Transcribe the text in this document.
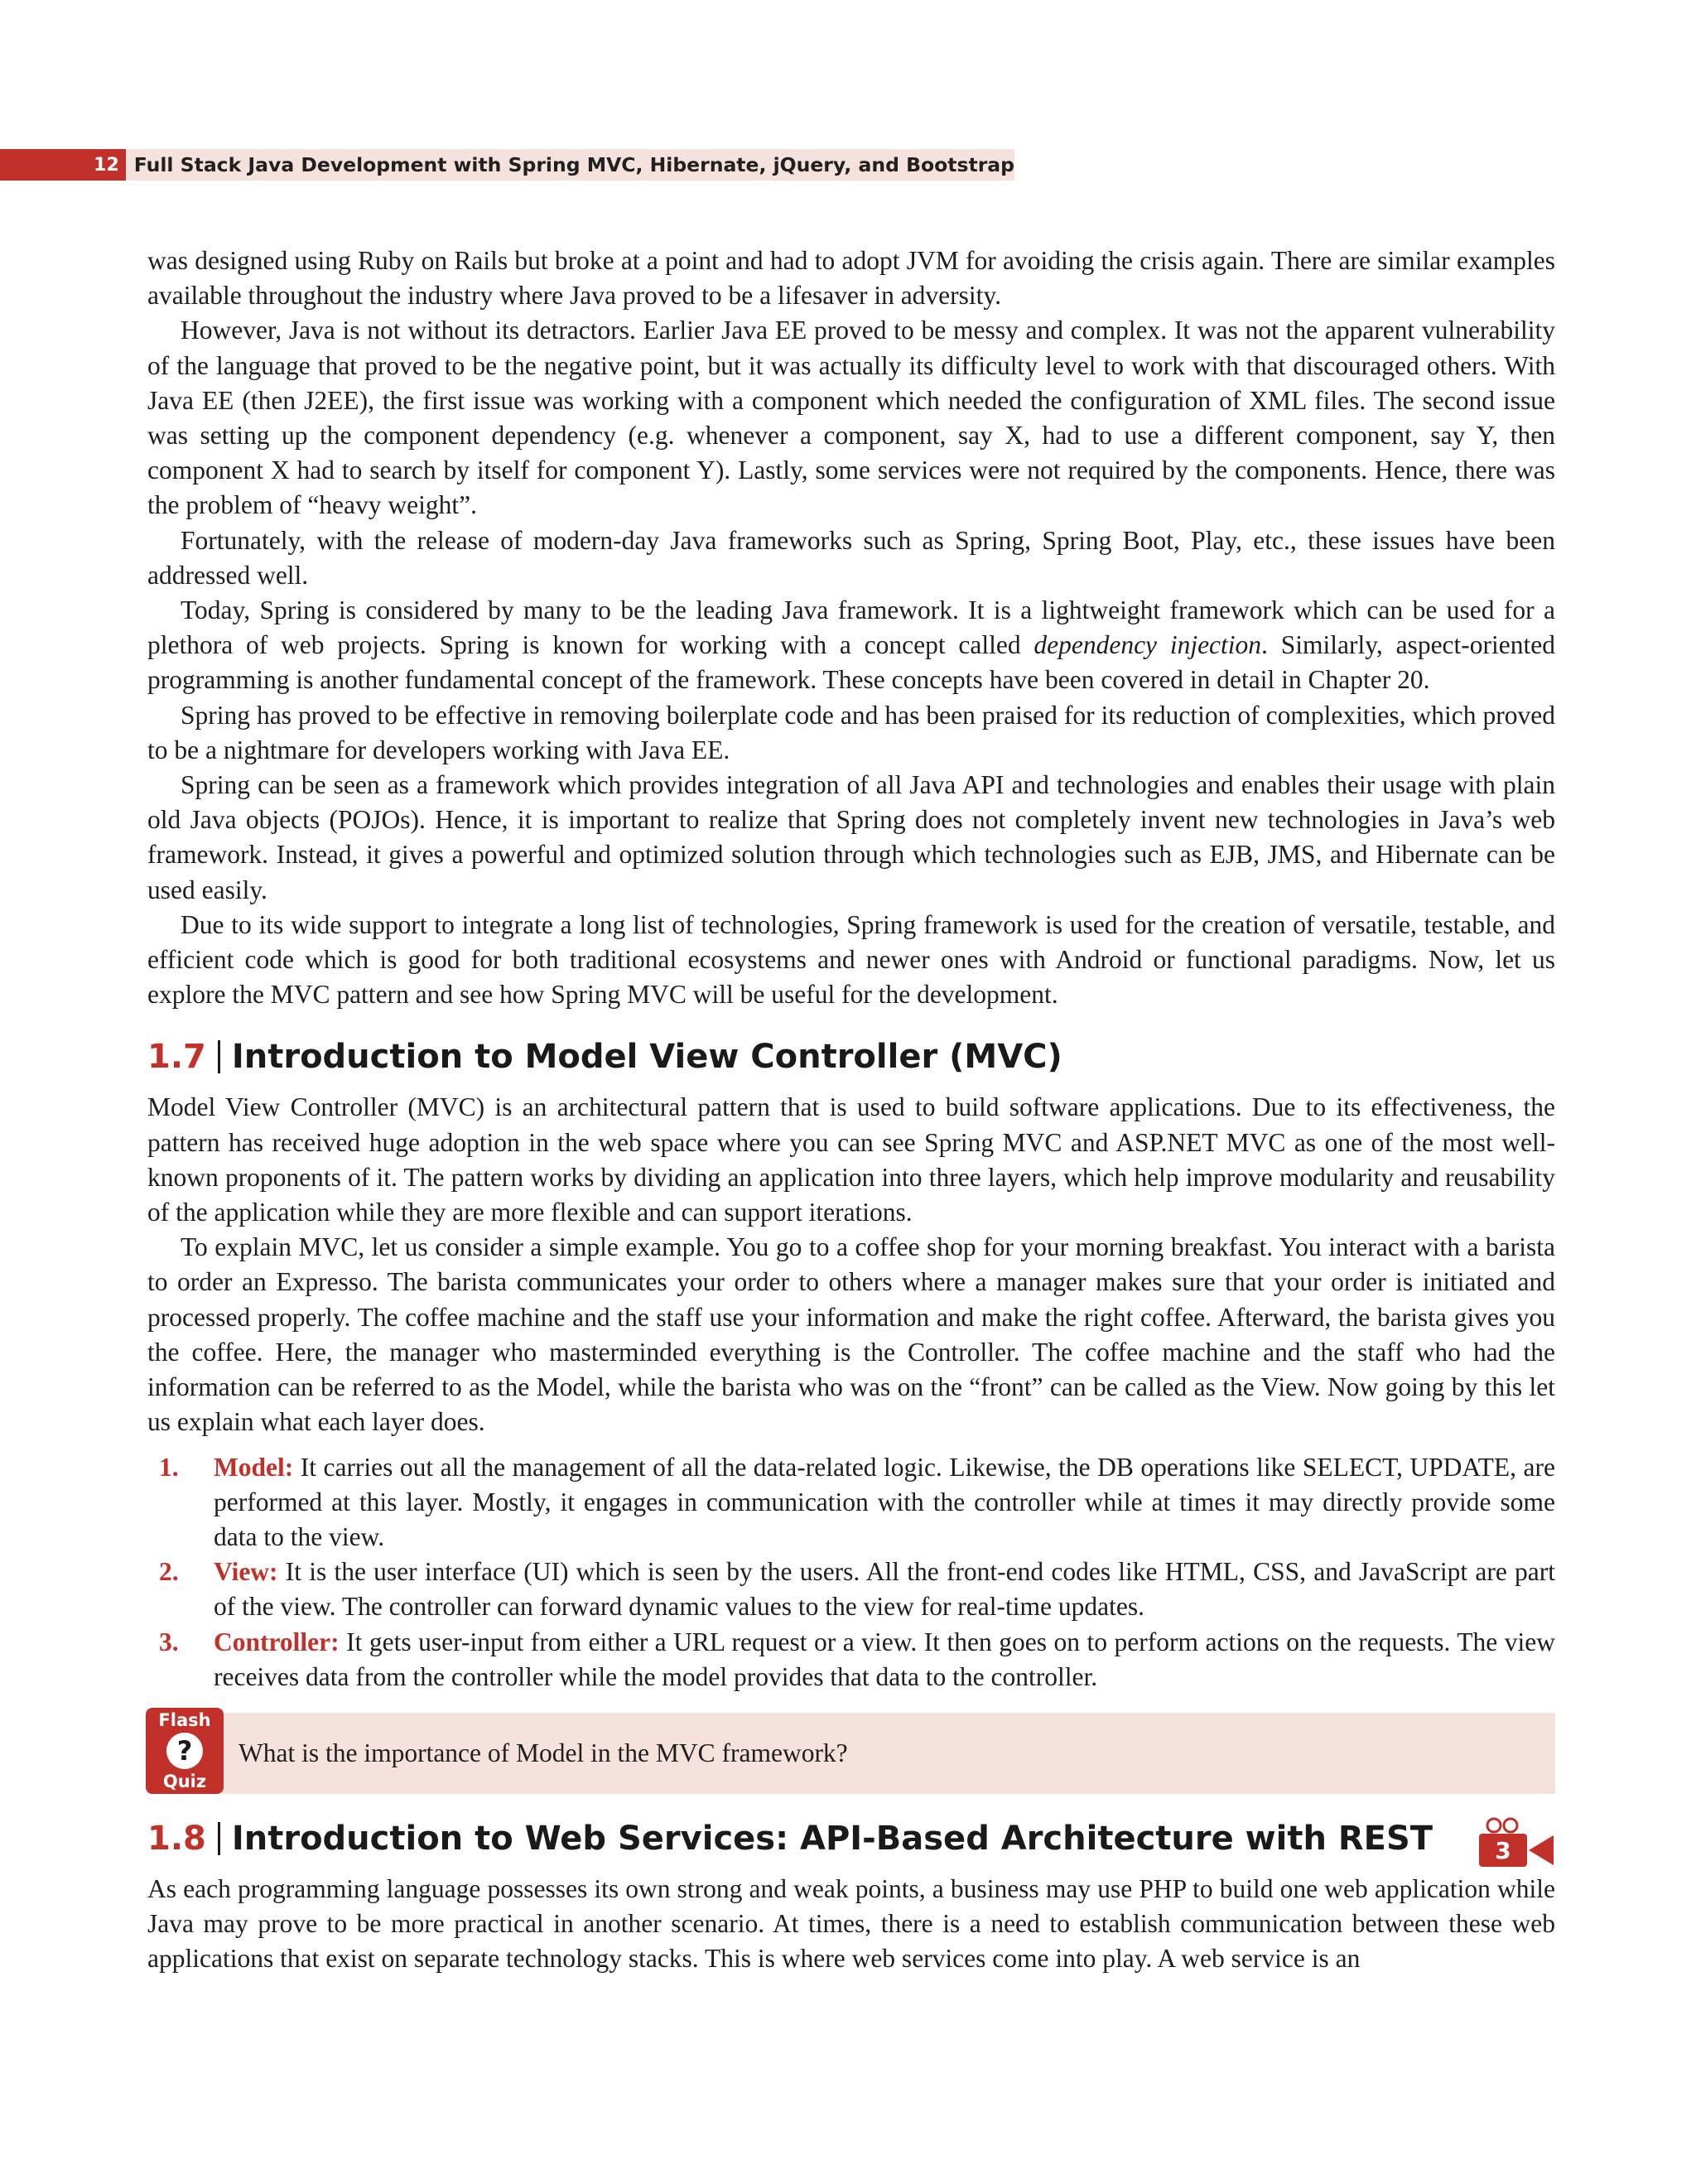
12 Full Stack Java Development with Spring MVC, Hibernate, jQuery, and Bootstrap

was designed using Ruby on Rails but broke at a point and had to adopt JVM for avoiding the crisis again. There are similar examples available throughout the industry where Java proved to be a lifesaver in adversity.

However, Java is not without its detractors. Earlier Java EE proved to be messy and complex. It was not the apparent vulnerability of the language that proved to be the negative point, but it was actually its difficulty level to work with that discouraged others. With Java EE (then J2EE), the first issue was working with a component which needed the configuration of XML files. The second issue was setting up the component dependency (e.g. whenever a component, say X, had to use a different component, say Y, then component X had to search by itself for component Y). Lastly, some services were not required by the components. Hence, there was the problem of “heavy weight”.

Fortunately, with the release of modern-day Java frameworks such as Spring, Spring Boot, Play, etc., these issues have been addressed well.

Today, Spring is considered by many to be the leading Java framework. It is a lightweight framework which can be used for a plethora of web projects. Spring is known for working with a concept called dependency injection. Similarly, aspect-oriented programming is another fundamental concept of the framework. These concepts have been covered in detail in Chapter 20.

Spring has proved to be effective in removing boilerplate code and has been praised for its reduction of complexities, which proved to be a nightmare for developers working with Java EE.

Spring can be seen as a framework which provides integration of all Java API and technologies and enables their usage with plain old Java objects (POJOs). Hence, it is important to realize that Spring does not completely invent new technologies in Java’s web framework. Instead, it gives a powerful and optimized solution through which technologies such as EJB, JMS, and Hibernate can be used easily.

Due to its wide support to integrate a long list of technologies, Spring framework is used for the creation of versatile, testable, and efficient code which is good for both traditional ecosystems and newer ones with Android or functional paradigms. Now, let us explore the MVC pattern and see how Spring MVC will be useful for the development.

1.7 Introduction to Model View Controller (MVC)

Model View Controller (MVC) is an architectural pattern that is used to build software applications. Due to its effectiveness, the pattern has received huge adoption in the web space where you can see Spring MVC and ASP.NET MVC as one of the most well-known proponents of it. The pattern works by dividing an application into three layers, which help improve modularity and reusability of the application while they are more flexible and can support iterations.

To explain MVC, let us consider a simple example. You go to a coffee shop for your morning breakfast. You interact with a barista to order an Expresso. The barista communicates your order to others where a manager makes sure that your order is initiated and processed properly. The coffee machine and the staff use your information and make the right coffee. Afterward, the barista gives you the coffee. Here, the manager who masterminded everything is the Controller. The coffee machine and the staff who had the information can be referred to as the Model, while the barista who was on the “front” can be called as the View. Now going by this let us explain what each layer does.

1. Model: It carries out all the management of all the data-related logic. Likewise, the DB operations like SELECT, UPDATE, are performed at this layer. Mostly, it engages in communication with the controller while at times it may directly provide some data to the view.
2. View: It is the user interface (UI) which is seen by the users. All the front-end codes like HTML, CSS, and JavaScript are part of the view. The controller can forward dynamic values to the view for real-time updates.
3. Controller: It gets user-input from either a URL request or a view. It then goes on to perform actions on the requests. The view receives data from the controller while the model provides that data to the controller.
Flash
?
Quiz
What is the importance of Model in the MVC framework?
1.8 Introduction to Web Services: API-Based Architecture with REST	3

As each programming language possesses its own strong and weak points, a business may use PHP to build one web application while Java may prove to be more practical in another scenario. At times, there is a need to establish communication between these web applications that exist on separate technology stacks. This is where web services come into play. A web service is an
